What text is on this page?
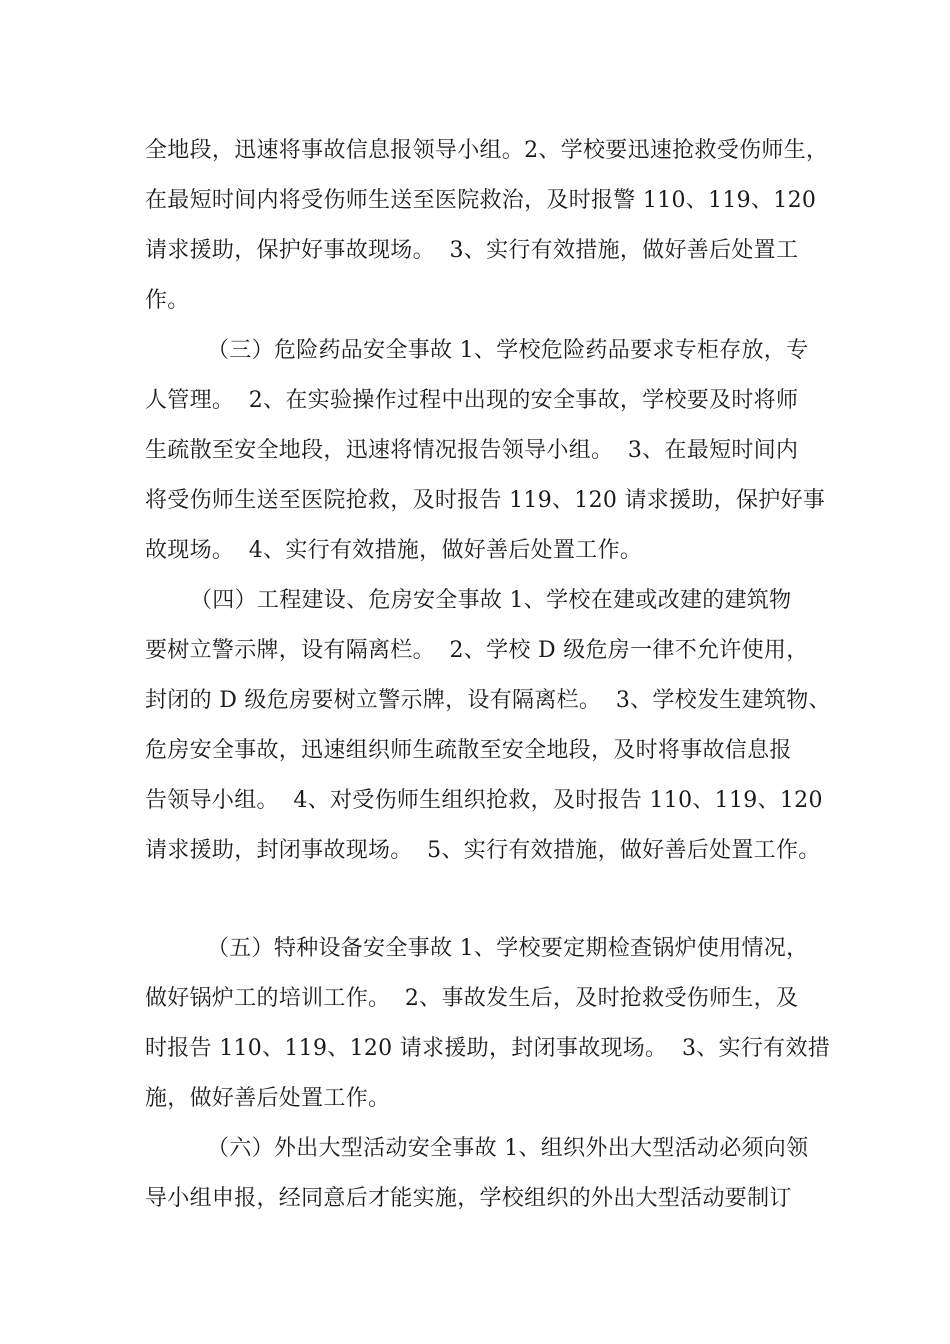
全地段，迅速将事故信息报领导小组。2、学校要迅速抢救受伤师生，
在最短时间内将受伤师生送至医院救治，及时报警 110、119、120
请求援助，保护好事故现场。  3、实行有效措施，做好善后处置工
作。
（三）危险药品安全事故 1、学校危险药品要求专柜存放，专
人管理。  2、在实验操作过程中出现的安全事故，学校要及时将师
生疏散至安全地段，迅速将情况报告领导小组。  3、在最短时间内
将受伤师生送至医院抢救，及时报告 119、120 请求援助，保护好事
故现场。  4、实行有效措施，做好善后处置工作。
（四）工程建设、危房安全事故 1、学校在建或改建的建筑物
要树立警示牌，设有隔离栏。  2、学校 D 级危房一律不允许使用，
封闭的 D 级危房要树立警示牌，设有隔离栏。  3、学校发生建筑物、
危房安全事故，迅速组织师生疏散至安全地段，及时将事故信息报
告领导小组。  4、对受伤师生组织抢救，及时报告 110、119、120
请求援助，封闭事故现场。  5、实行有效措施，做好善后处置工作。
（五）特种设备安全事故 1、学校要定期检查锅炉使用情况，
做好锅炉工的培训工作。  2、事故发生后，及时抢救受伤师生，及
时报告 110、119、120 请求援助，封闭事故现场。  3、实行有效措
施，做好善后处置工作。
（六）外出大型活动安全事故 1、组织外出大型活动必须向领
导小组申报，经同意后才能实施，学校组织的外出大型活动要制订
